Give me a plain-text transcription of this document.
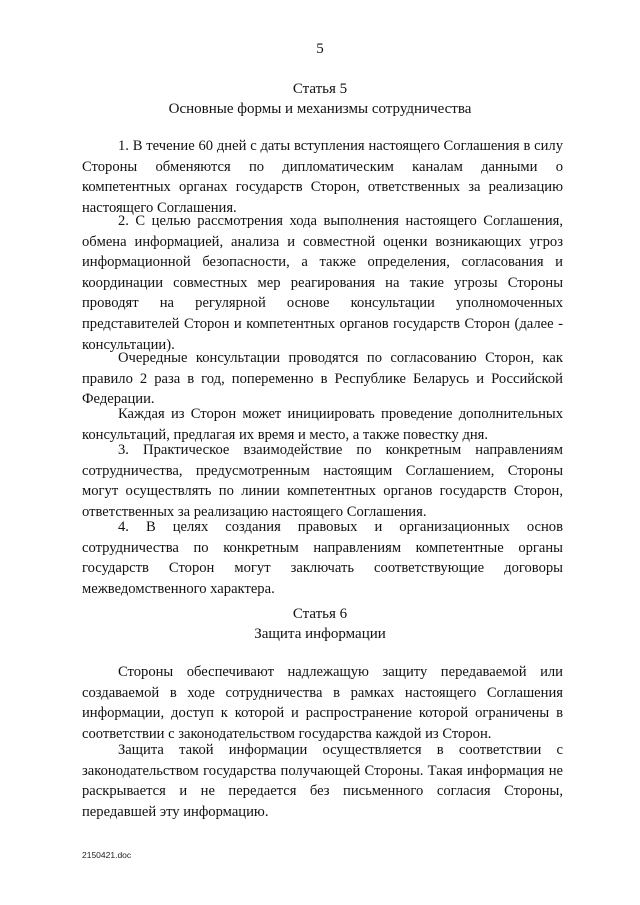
5
Статья 5
Основные формы и механизмы сотрудничества

1. В течение 60 дней с даты вступления настоящего Соглашения в силу Стороны обменяются по дипломатическим каналам данными о компетентных органах государств Сторон, ответственных за реализацию настоящего Соглашения.

2. С целью рассмотрения хода выполнения настоящего Соглашения, обмена информацией, анализа и совместной оценки возникающих угроз информационной безопасности, а также определения, согласования и координации совместных мер реагирования на такие угрозы Стороны проводят на регулярной основе консультации уполномоченных представителей Сторон и компетентных органов государств Сторон (далее - консультации).

Очередные консультации проводятся по согласованию Сторон, как правило 2 раза в год, попеременно в Республике Беларусь и Российской Федерации.

Каждая из Сторон может инициировать проведение дополнительных консультаций, предлагая их время и место, а также повестку дня.

3. Практическое взаимодействие по конкретным направлениям сотрудничества, предусмотренным настоящим Соглашением, Стороны могут осуществлять по линии компетентных органов государств Сторон, ответственных за реализацию настоящего Соглашения.

4. В целях создания правовых и организационных основ сотрудничества по конкретным направлениям компетентные органы государств Сторон могут заключать соответствующие договоры межведомственного характера.

Статья 6
Защита информации

Стороны обеспечивают надлежащую защиту передаваемой или создаваемой в ходе сотрудничества в рамках настоящего Соглашения информации, доступ к которой и распространение которой ограничены в соответствии с законодательством государства каждой из Сторон.

Защита такой информации осуществляется в соответствии с законодательством государства получающей Стороны. Такая информация не раскрывается и не передается без письменного согласия Стороны, передавшей эту информацию.

2150421.doc
